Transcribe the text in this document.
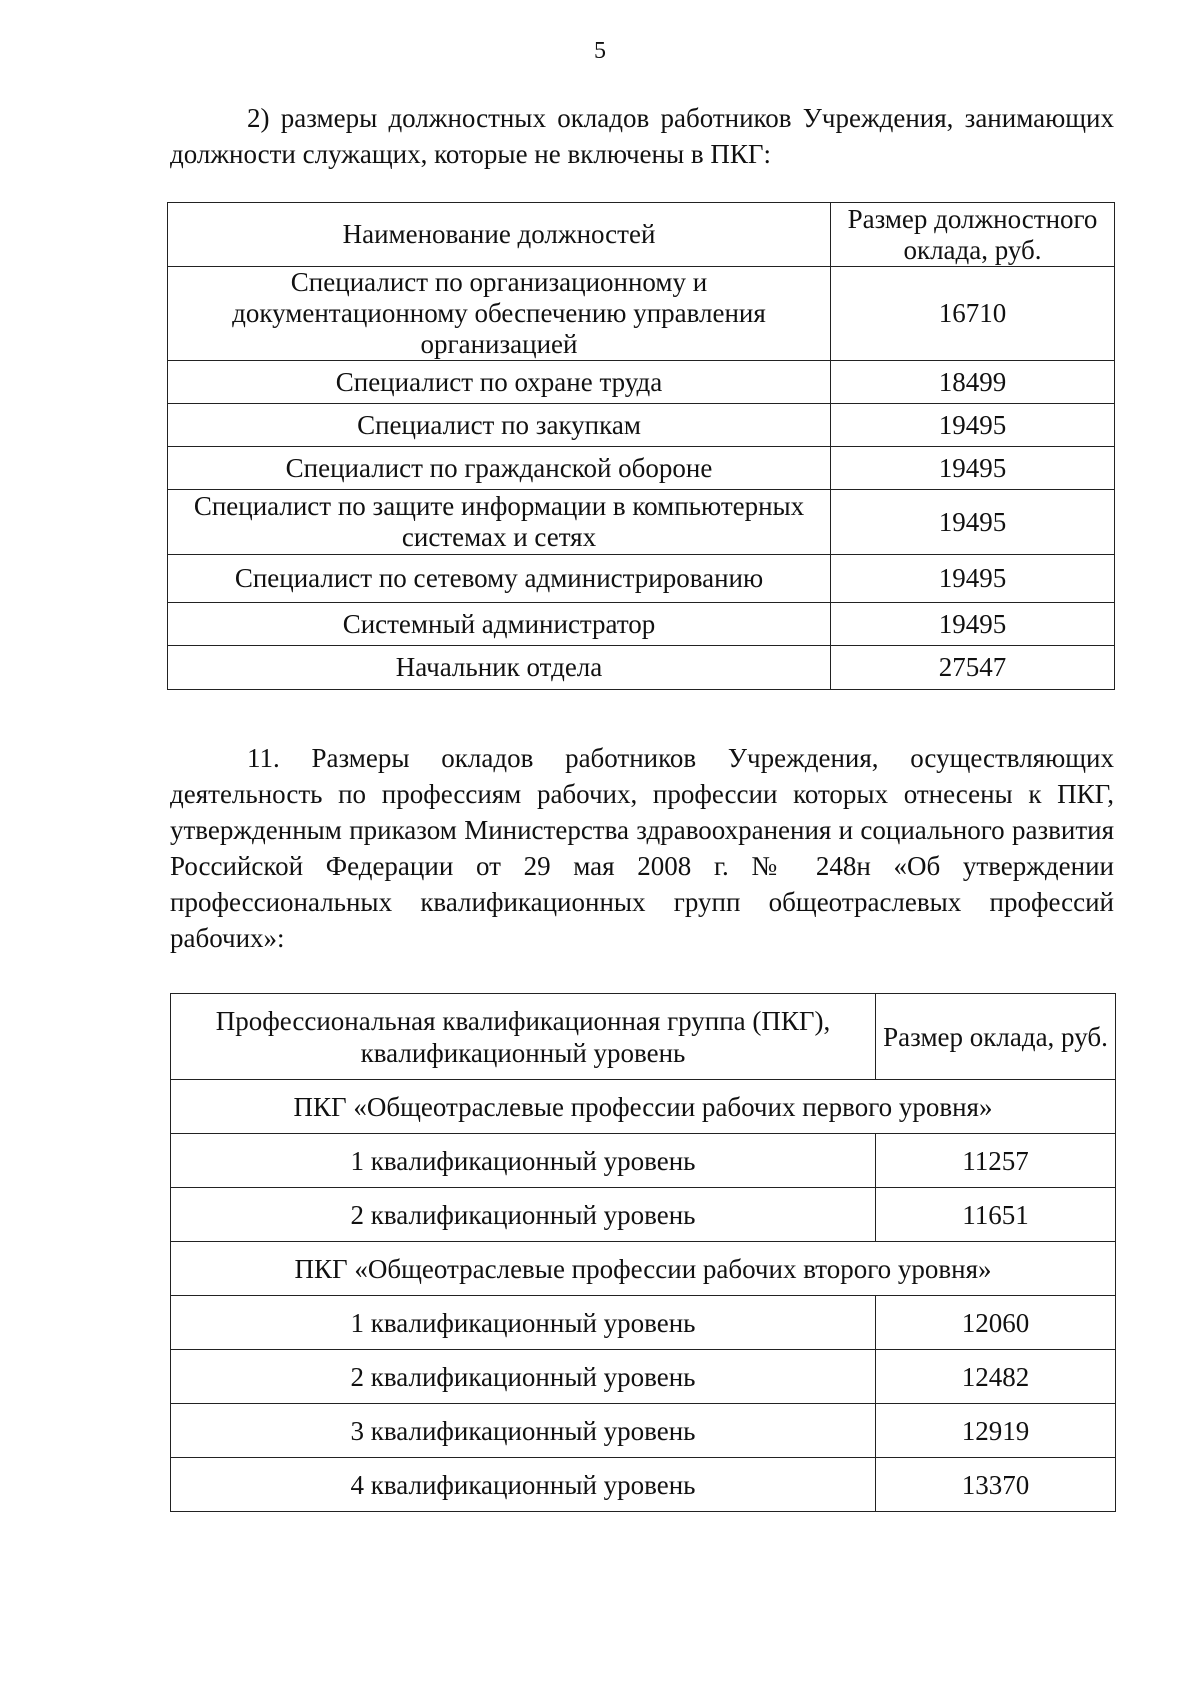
5

2) размеры должностных окладов работников Учреждения, занимающих должности служащих, которые не включены в ПКГ:

Наименование должностей	Размер должностного оклада, руб.
Специалист по организационному и документационному обеспечению управления организацией	16710
Специалист по охране труда	18499
Специалист по закупкам	19495
Специалист по гражданской обороне	19495
Специалист по защите информации в компьютерных системах и сетях	19495
Специалист по сетевому администрированию	19495
Системный администратор	19495
Начальник отдела	27547

11. Размеры окладов работников Учреждения, осуществляющих деятельность по профессиям рабочих, профессии которых отнесены к ПКГ, утвержденным приказом Министерства здравоохранения и социального развития Российской Федерации от 29 мая 2008 г. № 248н «Об утверждении профессиональных квалификационных групп общеотраслевых профессий рабочих»:

Профессиональная квалификационная группа (ПКГ), квалификационный уровень	Размер оклада, руб.
ПКГ «Общеотраслевые профессии рабочих первого уровня»	
1 квалификационный уровень	11257
2 квалификационный уровень	11651
ПКГ «Общеотраслевые профессии рабочих второго уровня»	
1 квалификационный уровень	12060
2 квалификационный уровень	12482
3 квалификационный уровень	12919
4 квалификационный уровень	13370
